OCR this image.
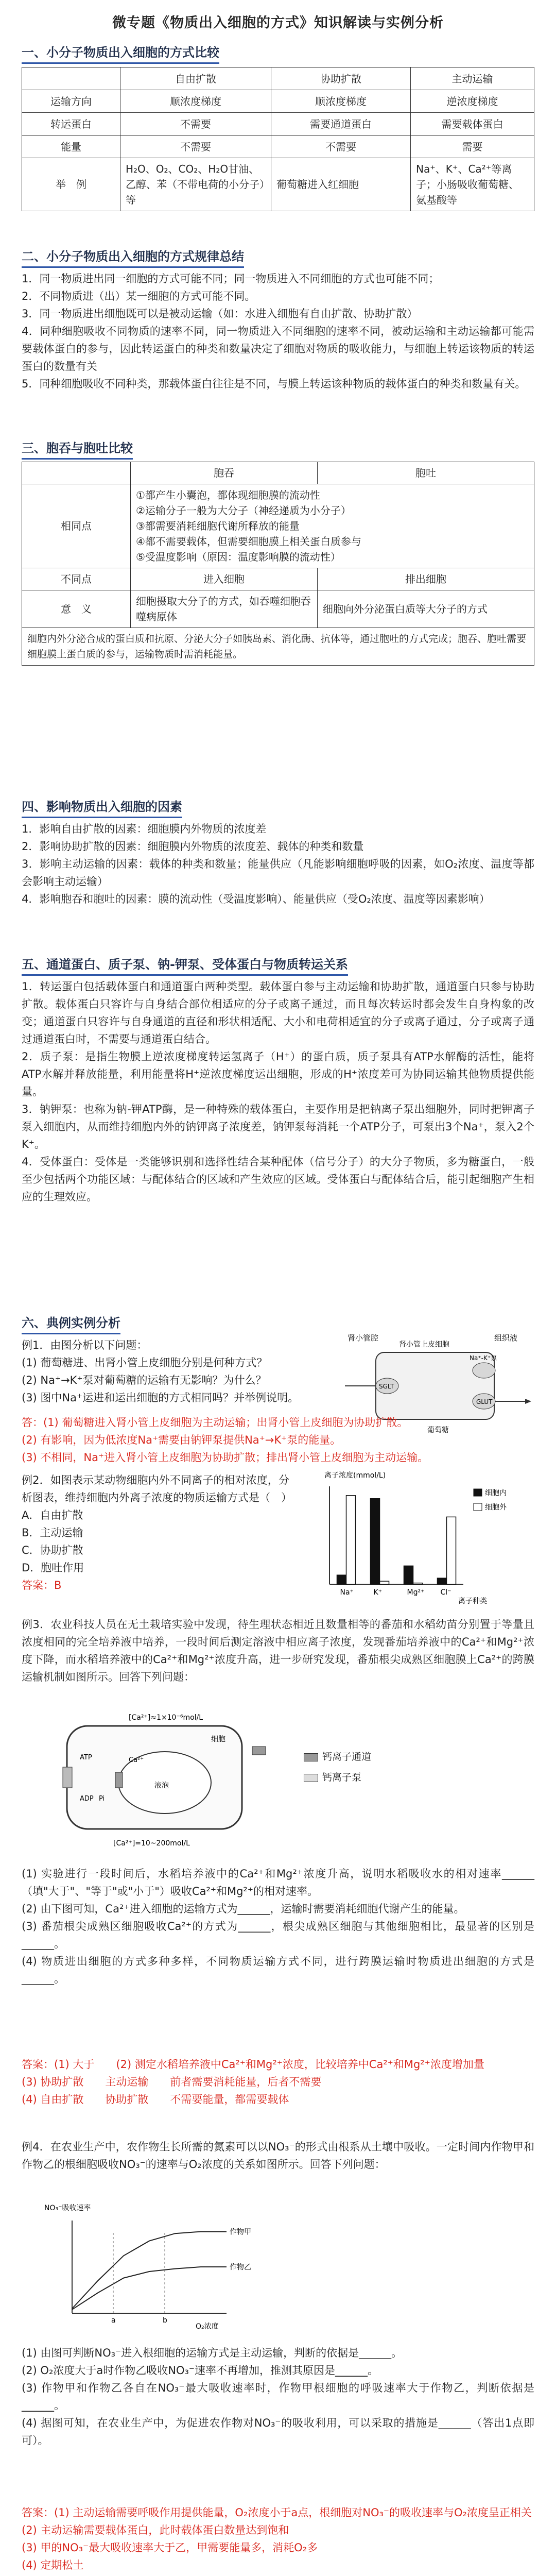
微专题《物质出入细胞的方式》知识解读与实例分析
一、小分子物质出入细胞的方式比较
	自由扩散	协助扩散	主动运输
运输方向	顺浓度梯度	顺浓度梯度	逆浓度梯度
转运蛋白	不需要	需要通道蛋白	需要载体蛋白
能量	不需要	不需要	需要
举　例	H₂O、O₂、CO₂、H₂O甘油、乙醇、苯（不带电荷的小分子）等	葡萄糖进入红细胞	Na⁺、K⁺、Ca²⁺等离子；小肠吸收葡萄糖、氨基酸等
二、小分子物质出入细胞的方式规律总结
1．同一物质进出同一细胞的方式可能不同；同一物质进入不同细胞的方式也可能不同；
2．不同物质进（出）某一细胞的方式可能不同。
3．同一物质进出细胞既可以是被动运输（如：水进入细胞有自由扩散、协助扩散）
4．同种细胞吸收不同物质的速率不同，同一物质进入不同细胞的速率不同，被动运输和主动运输都可能需要载体蛋白的参与，因此转运蛋白的种类和数量决定了细胞对物质的吸收能力，与细胞上转运该物质的转运蛋白的数量有关
5．同种细胞吸收不同种类，那载体蛋白往往是不同，与膜上转运该种物质的载体蛋白的种类和数量有关。
三、胞吞与胞吐比较
	胞吞	胞吐
相同点	①都产生小囊泡，都体现细胞膜的流动性
②运输分子一般为大分子（神经递质为小分子）
③都需要消耗细胞代谢所释放的能量
④都不需要载体，但需要细胞膜上相关蛋白质参与
⑤受温度影响（原因：温度影响膜的流动性）	

不同点	进入细胞	排出细胞
意　义	细胞摄取大分子的方式，如吞噬细胞吞噬病原体	细胞向外分泌蛋白质等大分子的方式
细胞内外分泌合成的蛋白质和抗原、分泌大分子如胰岛素、消化酶、抗体等，通过胞吐的方式完成；胞吞、胞吐需要细胞膜上蛋白质的参与，运输物质时需消耗能量。		
四、影响物质出入细胞的因素
1．影响自由扩散的因素：细胞膜内外物质的浓度差
2．影响协助扩散的因素：细胞膜内外物质的浓度差、载体的种类和数量
3．影响主动运输的因素：载体的种类和数量；能量供应（凡能影响细胞呼吸的因素，如O₂浓度、温度等都会影响主动运输）
4．影响胞吞和胞吐的因素：膜的流动性（受温度影响）、能量供应（受O₂浓度、温度等因素影响）
五、通道蛋白、质子泵、钠-钾泵、受体蛋白与物质转运关系
1．转运蛋白包括载体蛋白和通道蛋白两种类型。载体蛋白参与主动运输和协助扩散，通道蛋白只参与协助扩散。载体蛋白只容许与自身结合部位相适应的分子或离子通过，而且每次转运时都会发生自身构象的改变；通道蛋白只容许与自身通道的直径和形状相适配、大小和电荷相适宜的分子或离子通过，分子或离子通过通道蛋白时，不需要与通道蛋白结合。
2．质子泵：是指生物膜上逆浓度梯度转运氢离子（H⁺）的蛋白质，质子泵具有ATP水解酶的活性，能将ATP水解并释放能量，利用能量将H⁺逆浓度梯度运出细胞，形成的H⁺浓度差可为协同运输其他物质提供能量。
3．钠钾泵：也称为钠-钾ATP酶，是一种特殊的载体蛋白，主要作用是把钠离子泵出细胞外，同时把钾离子泵入细胞内，从而维持细胞内外的钠钾离子浓度差，钠钾泵每消耗一个ATP分子，可泵出3个Na⁺，泵入2个K⁺。
4．受体蛋白：受体是一类能够识别和选择性结合某种配体（信号分子）的大分子物质，多为糖蛋白，一般至少包括两个功能区域：与配体结合的区域和产生效应的区域。受体蛋白与配体结合后，能引起细胞产生相应的生理效应。
六、典例实例分析
例1．由图分析以下问题：
(1) 葡萄糖进、出肾小管上皮细胞分别是何种方式？
(2) Na⁺→K⁺泵对葡萄糖的运输有无影响？为什么？
(3) 图中Na⁺运进和运出细胞的方式相同吗？并举例说明。
肾小管腔	组织液
肾小管上皮细胞
SGLT
Na⁺-K⁺泵
GLUT
葡萄糖
答：(1) 葡萄糖进入肾小管上皮细胞为主动运输；出肾小管上皮细胞为协助扩散。
(2) 有影响，因为低浓度Na⁺需要由钠钾泵提供Na⁺→K⁺泵的能量。
(3) 不相同，Na⁺进入肾小管上皮细胞为协助扩散；排出肾小管上皮细胞为主动运输。
例2．如图表示某动物细胞内外不同离子的相对浓度，分析图表，维持细胞内外离子浓度的物质运输方式是（　）
A．自由扩散
B．主动运输
C．协助扩散
D．胞吐作用
答案：B
离子浓度(mmol/L)
离子种类
Na⁺	K⁺	Mg²⁺ Cl⁻
细胞内
细胞外
例3．农业科技人员在无土栽培实验中发现，待生理状态相近且数量相等的番茄和水稻幼苗分别置于等量且浓度相同的完全培养液中培养，一段时间后测定溶液中相应离子浓度，发现番茄培养液中的Ca²⁺和Mg²⁺浓度下降，而水稻培养液中的Ca²⁺和Mg²⁺浓度升高，进一步研究发现，番茄根尖成熟区细胞膜上Ca²⁺的跨膜运输机制如图所示。回答下列问题：
[Ca²⁺]≈1×10⁻⁶mol/L
细胞
液泡
ATP
ADP Pi
Ca²⁺
[Ca²⁺]=10~200mol/L
钙离子通道
钙离子泵
(1) 实验进行一段时间后，水稻培养液中的Ca²⁺和Mg²⁺浓度升高，说明水稻吸收水的相对速率______（填"大于"、"等于"或"小于"）吸收Ca²⁺和Mg²⁺的相对速率。
(2) 由下图可知，Ca²⁺进入细胞的运输方式为______，运输时需要消耗细胞代谢产生的能量。
(3) 番茄根尖成熟区细胞吸收Ca²⁺的方式为______，根尖成熟区细胞与其他细胞相比，最显著的区别是______。
(4) 物质进出细胞的方式多种多样，不同物质运输方式不同，进行跨膜运输时物质进出细胞的方式是______。
答案：(1) 大于　　(2) 测定水稻培养液中Ca²⁺和Mg²⁺浓度，比较培养中Ca²⁺和Mg²⁺浓度增加量
(3) 协助扩散　　主动运输　　前者需要消耗能量，后者不需要
(4) 自由扩散　　协助扩散　　不需要能量，都需要载体
例4．在农业生产中，农作物生长所需的氮素可以以NO₃⁻的形式由根系从土壤中吸收。一定时间内作物甲和作物乙的根细胞吸收NO₃⁻的速率与O₂浓度的关系如图所示。回答下列问题：
NO₃⁻吸收速率
O₂浓度
作物甲
作物乙
a	b
(1) 由图可判断NO₃⁻进入根细胞的运输方式是主动运输，判断的依据是______。
(2) O₂浓度大于a时作物乙吸收NO₃⁻速率不再增加，推测其原因是______。
(3) 作物甲和作物乙各自在NO₃⁻最大吸收速率时，作物甲根细胞的呼吸速率大于作物乙，判断依据是______。
(4) 据图可知，在农业生产中，为促进农作物对NO₃⁻的吸收利用，可以采取的措施是______（答出1点即可）。
答案：(1) 主动运输需要呼吸作用提供能量，O₂浓度小于a点，根细胞对NO₃⁻的吸收速率与O₂浓度呈正相关
(2) 主动运输需要载体蛋白，此时载体蛋白数量达到饱和
(3) 甲的NO₃⁻最大吸收速率大于乙，甲需要能量多，消耗O₂多
(4) 定期松土
